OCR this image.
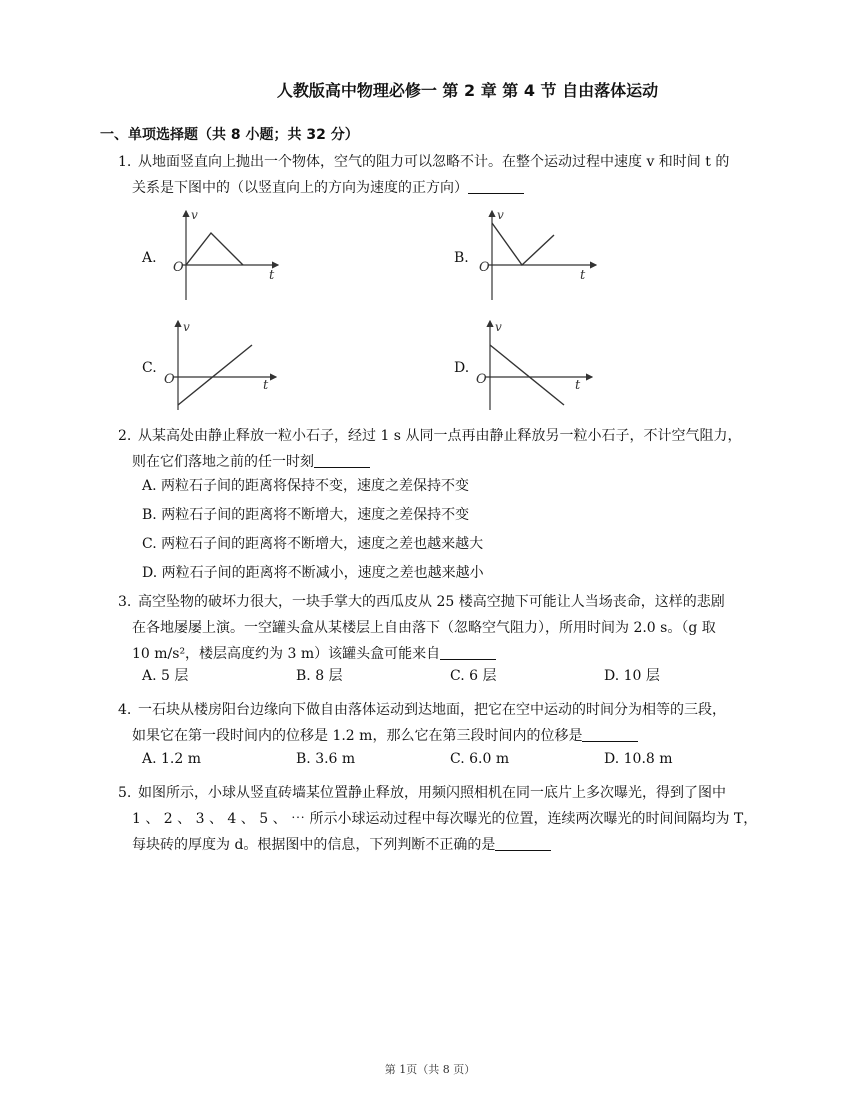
人教版高中物理必修一 第 2 章 第 4 节 自由落体运动
一、单项选择题（共 8 小题；共 32 分）
1. 从地面竖直向上抛出一个物体，空气的阻力可以忽略不计。在整个运动过程中速度 v 和时间 t 的
关系是下图中的（以竖直向上的方向为速度的正方向）
A.
v
O
t
B.
v
O
t
C.
v
O	t
D.
v
O	t
2. 从某高处由静止释放一粒小石子，经过 1 s 从同一点再由静止释放另一粒小石子，不计空气阻力，
则在它们落地之前的任一时刻
A. 两粒石子间的距离将保持不变，速度之差保持不变
B. 两粒石子间的距离将不断增大，速度之差保持不变
C. 两粒石子间的距离将不断增大，速度之差也越来越大
D. 两粒石子间的距离将不断减小，速度之差也越来越小
3. 高空坠物的破坏力很大，一块手掌大的西瓜皮从 25 楼高空抛下可能让人当场丧命，这样的悲剧
在各地屡屡上演。一空罐头盒从某楼层上自由落下（忽略空气阻力），所用时间为 2.0 s。（g 取
10 m/s²，楼层高度约为 3 m）该罐头盒可能来自
A. 5 层	B. 8 层	C. 6 层	D. 10 层
4. 一石块从楼房阳台边缘向下做自由落体运动到达地面，把它在空中运动的时间分为相等的三段，
如果它在第一段时间内的位移是 1.2 m，那么它在第三段时间内的位移是
A. 1.2 m	B. 3.6 m	C. 6.0 m	D. 10.8 m
5. 如图所示，小球从竖直砖墙某位置静止释放，用频闪照相机在同一底片上多次曝光，得到了图中
1 、 2 、 3 、 4 、 5 、 ⋯ 所示小球运动过程中每次曝光的位置，连续两次曝光的时间间隔均为 T，
每块砖的厚度为 d。根据图中的信息，下列判断不正确的是
第 1页（共 8 页）
